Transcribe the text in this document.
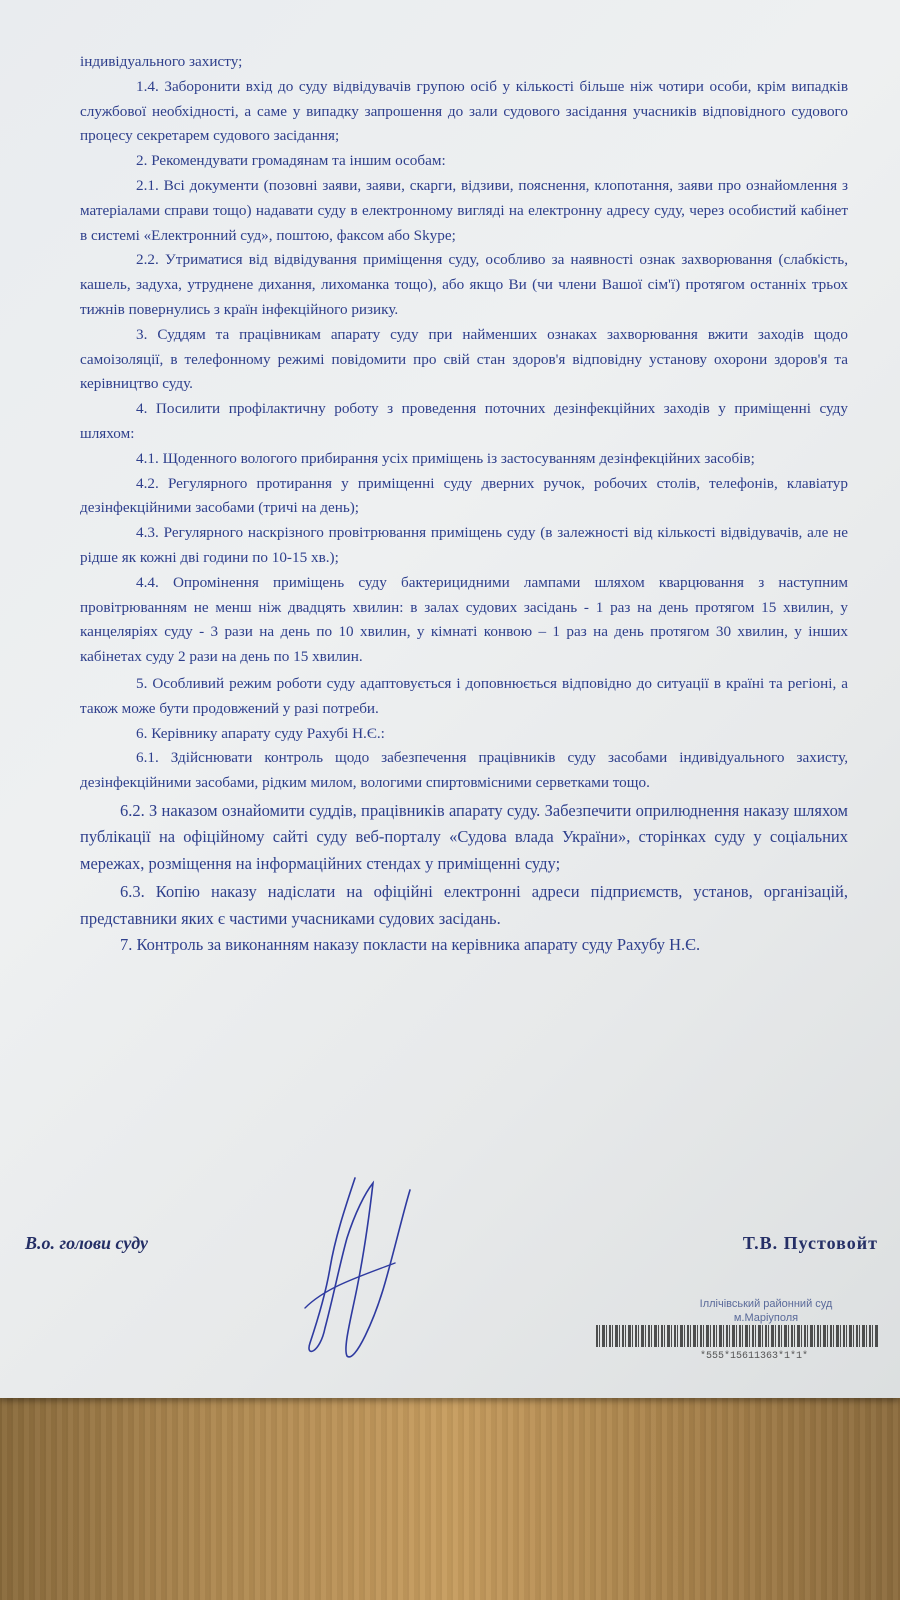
індивідуального захисту;

1.4. Заборонити вхід до суду відвідувачів групою осіб у кількості більше ніж чотири особи, крім випадків службової необхідності, а саме у випадку запрошення до зали судового засідання учасників відповідного судового процесу секретарем судового засідання;

2. Рекомендувати громадянам та іншим особам:

2.1. Всі документи (позовні заяви, заяви, скарги, відзиви, пояснення, клопотання, заяви про ознайомлення з матеріалами справи тощо) надавати суду в електронному вигляді на електронну адресу суду, через особистий кабінет в системі «Електронний суд», поштою, факсом або Skype;

2.2. Утриматися від відвідування приміщення суду, особливо за наявності ознак захворювання (слабкість, кашель, задуха, утруднене дихання, лихоманка тощо), або якщо Ви (чи члени Вашої сім'ї) протягом останніх трьох тижнів повернулись з країн інфекційного ризику.

3. Суддям та працівникам апарату суду при найменших ознаках захворювання вжити заходів щодо самоізоляції, в телефонному режимі повідомити про свій стан здоров'я відповідну установу охорони здоров'я та керівництво суду.

4. Посилити профілактичну роботу з проведення поточних дезінфекційних заходів у приміщенні суду шляхом:

4.1. Щоденного вологого прибирання усіх приміщень із застосуванням дезінфекційних засобів;

4.2. Регулярного протирання у приміщенні суду дверних ручок, робочих столів, телефонів, клавіатур дезінфекційними засобами (тричі на день);

4.3. Регулярного наскрізного провітрювання приміщень суду (в залежності від кількості відвідувачів, але не рідше як кожні дві години по 10-15 хв.);

4.4. Опромінення приміщень суду бактерицидними лампами шляхом кварцювання з наступним провітрюванням не менш ніж двадцять хвилин: в залах судових засідань - 1 раз на день протягом 15 хвилин, у канцеляріях суду - 3 рази на день по 10 хвилин, у кімнаті конвою – 1 раз на день протягом 30 хвилин, у інших кабінетах суду 2 рази на день по 15 хвилин.

5. Особливий режим роботи суду адаптовується і доповнюється відповідно до ситуації в країні та регіоні, а також може бути продовжений у разі потреби.

6. Керівнику апарату суду Рахубі Н.Є.:

6.1. Здійснювати контроль щодо забезпечення працівників суду засобами індивідуального захисту, дезінфекційними засобами, рідким милом, вологими спиртовмісними серветками тощо.

6.2. З наказом ознайомити суддів, працівників апарату суду. Забезпечити оприлюднення наказу шляхом публікації на офіційному сайті суду веб-порталу «Судова влада України», сторінках суду у соціальних мережах, розміщення на інформаційних стендах у приміщенні суду;

6.3. Копію наказу надіслати на офіційні електронні адреси підприємств, установ, організацій, представники яких є частими учасниками судових засідань.

7. Контроль за виконанням наказу покласти на керівника апарату суду Рахубу Н.Є.

В.о. голови суду	Т.В. Пустовойт
Іллічівський районний суд
м.Маріуполя
*555*15611363*1*1*
